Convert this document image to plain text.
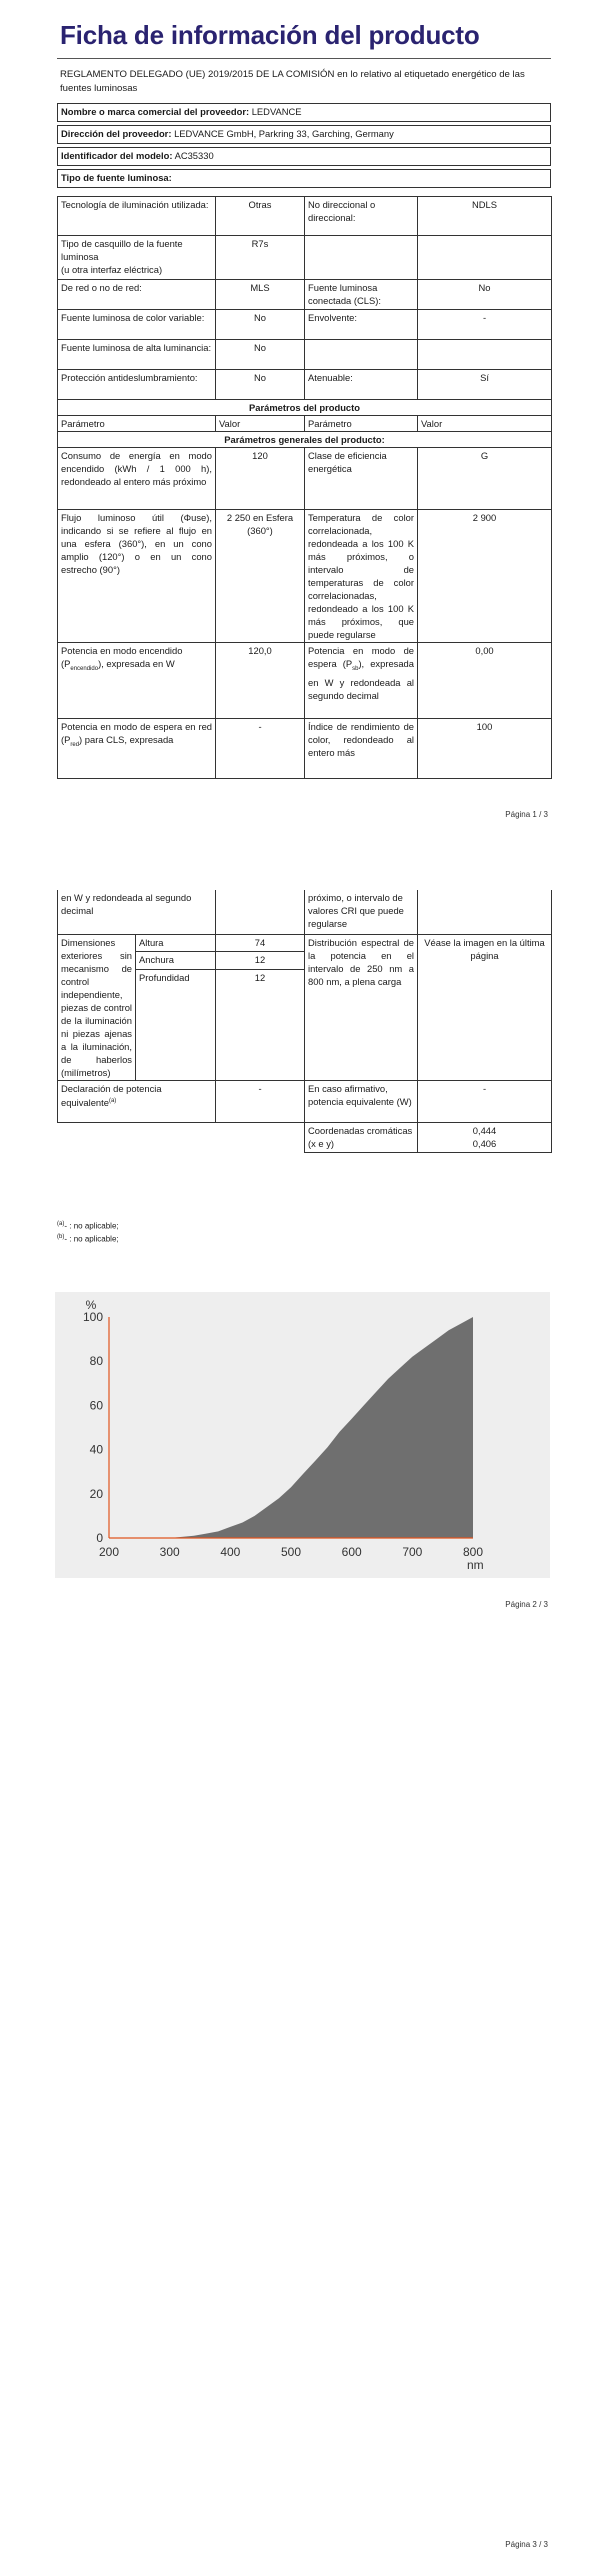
Ficha de información del producto
REGLAMENTO DELEGADO (UE) 2019/2015 DE LA COMISIÓN en lo relativo al etiquetado energético de las fuentes luminosas
Nombre o marca comercial del proveedor: LEDVANCE

Dirección del proveedor: LEDVANCE GmbH, Parkring 33, Garching, Germany

Identificador del modelo: AC35330

Tipo de fuente luminosa:
Tecnología de iluminación utilizada:	Otras	No direccional o direccional:	NDLS

Tipo de casquillo de la fuente luminosa
(u otra interfaz eléctrica)	R7s		
De red o no de red:	MLS	Fuente luminosa conectada (CLS):	No
Fuente luminosa de color variable:	No	Envolvente:	-
Fuente luminosa de alta luminancia:	No		
Protección antideslumbramiento:	No	Atenuable:	Sí
Parámetros del producto			
Parámetro	Valor	Parámetro	Valor
Parámetros generales del producto:			
Consumo de energía en modo encendido (kWh / 1 000 h), redondeado al entero más próximo	120	Clase de eficiencia energética	G
Flujo luminoso útil (Φuse), indicando si se refiere al flujo en una esfera (360°), en un cono amplio (120°) o en un cono estrecho (90°)	2 250 en Esfera (360°)	Temperatura de color correlacionada, redondeada a los 100 K más próximos, o intervalo de temperaturas de color correlacionadas, redondeado a los 100 K más próximos, que puede regularse	2 900
Potencia en modo encendido $(P_{encendido})$, expresada en W	120,0	Potencia en modo de espera $(P_{sb})$, expresada en W y redondeada al segundo decimal	0,00
Potencia en modo de espera en red $(P_{red})$ para CLS, expresada	-	Índice de rendimiento de color, redondeado al entero más	100
Página 1 / 3
en W y redondeada al segundo decimal			próximo, o intervalo de valores CRI que puede regularse	
Dimensiones exteriores sin mecanismo de control independiente, piezas de control de la iluminación ni piezas ajenas a la iluminación, de haberlos (milímetros)	Altura	74	Distribución espectral de la potencia en el intervalo de 250 nm a 800 nm, a plena carga	Véase la imagen en la última página
	Anchura	12		
	Profundidad	12		
Declaración de potencia equivalente$^{(a)}$		-	En caso afirmativo, potencia equivalente (W)	-
			Coordenadas cromáticas (x e y)	0,444
0,406
$^{(a)}$- : no aplicable;
$^{(b)}$- : no aplicable;
Página 2 / 3
200	300	400	500	600	700	800
0
20
40
60
80
100
%
nm
Página 3 / 3
